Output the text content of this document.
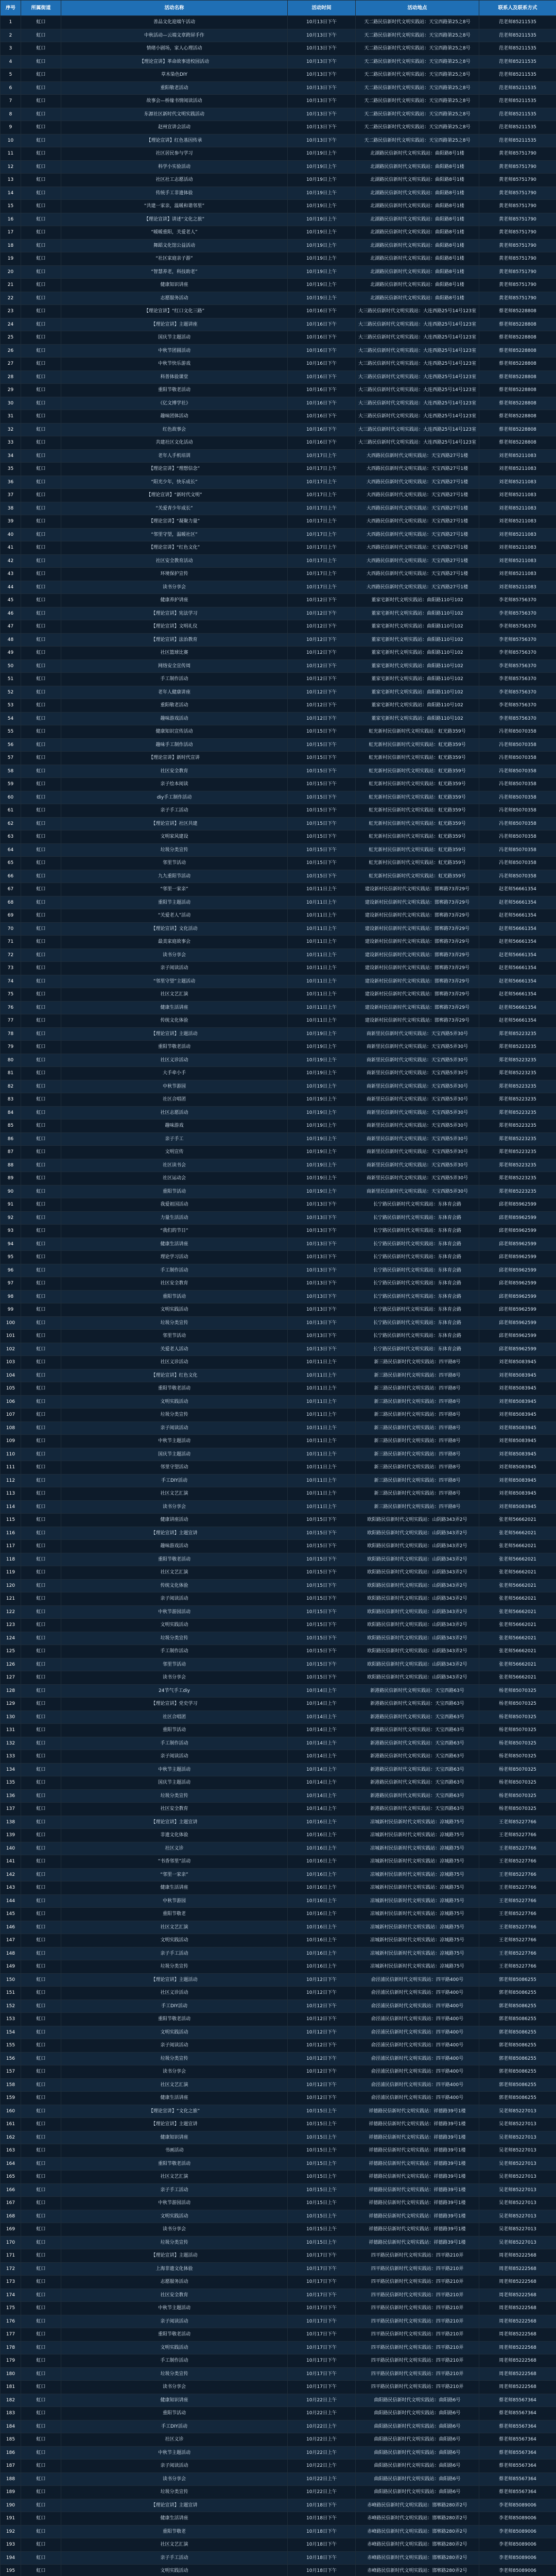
序号	所属街道	活动名称	活动时间	活动地点	联系人及联系方式
1	虹口	善品文化迎端午活动	10月13日下午	天二路民信新时代文明实践站：天宝西路第25之8号	范老师85211535
2	虹口	中秋活动—云端文章跨屏手作	10月13日下午	天二路民信新时代文明实践站：天宝西路第25之8号	范老师85211535
3	虹口	情绪小剧场，家人心理活动	10月13日下午	天二路民信新时代文明实践站：天宝西路第25之8号	范老师85211535
4	虹口	【理论宣讲】革命故事进校园活动	10月13日下午	天二路民信新时代文明实践站：天宝西路第25之8号	范老师85211535
5	虹口	草木染色DIY	10月13日下午	天二路民信新时代文明实践站：天宝西路第25之8号	范老师85211535
6	虹口	重阳敬老活动	10月13日下午	天二路民信新时代文明实践站：天宝西路第25之8号	范老师85211535
7	虹口	故事会—桥缘书情阅读活动	10月13日下午	天二路民信新时代文明实践站：天宝西路第25之8号	范老师85211535
8	虹口	东源社区新时代文明实践活动	10月13日下午	天二路民信新时代文明实践站：天宝西路第25之8号	范老师85211535
9	虹口	赵州宣讲会活动	10月13日下午	天二路民信新时代文明实践站：天宝西路第25之8号	范老师85211535
10	虹口	【理论宣讲】红色基因传承	10月13日下午	天二路民信新时代文明实践站：天宝西路第25之8号	范老师85211535
11	虹口	社区居民参与学习	10月19日上午	北湖路民信新时代文明实践站：曲阳路8号1楼	黄老师85751790
12	虹口	科学小实验活动	10月19日上午	北湖路民信新时代文明实践站：曲阳路8号1楼	黄老师85751790
13	虹口	社区社工志愿活动	10月19日上午	北湖路民信新时代文明实践站：曲阳路8号1楼	黄老师85751790
14	虹口	传统手工非遗体验	10月19日上午	北湖路民信新时代文明实践站：曲阳路8号1楼	黄老师85751790
15	虹口	“共建一家亲，温暖和谐邻里”	10月19日上午	北湖路民信新时代文明实践站：曲阳路8号1楼	黄老师85751790
16	虹口	【理论宣讲】讲述“文化之旅”	10月19日上午	北湖路民信新时代文明实践站：曲阳路8号1楼	黄老师85751790
17	虹口	“暖暖重阳，关爱老人”	10月19日上午	北湖路民信新时代文明实践站：曲阳路8号1楼	黄老师85751790
18	虹口	舞蹈文化馆公益活动	10月19日上午	北湖路民信新时代文明实践站：曲阳路8号1楼	黄老师85751790
19	虹口	“社区家庭亲子游”	10月19日上午	北湖路民信新时代文明实践站：曲阳路8号1楼	黄老师85751790
20	虹口	“智慧养老，科技助老”	10月19日上午	北湖路民信新时代文明实践站：曲阳路8号1楼	黄老师85751790
21	虹口	健康知识讲座	10月19日上午	北湖路民信新时代文明实践站：曲阳路8号1楼	黄老师85751790
22	虹口	志愿服务活动	10月19日上午	北湖路民信新时代文明实践站：曲阳路8号1楼	黄老师85751790
23	虹口	【理论宣讲】“红口文化三路”	10月16日下午	大三路民信新时代文明实践站：大连西路25号14号123室	蔡老师85228808
24	虹口	【理论宣讲】主题讲座	10月16日下午	大三路民信新时代文明实践站：大连西路25号14号123室	蔡老师85228808
25	虹口	国庆节主题活动	10月16日下午	大三路民信新时代文明实践站：大连西路25号14号123室	蔡老师85228808
26	虹口	中秋节团圆活动	10月16日下午	大三路民信新时代文明实践站：大连西路25号14号123室	蔡老师85228808
27	虹口	中秋节快乐游戏	10月16日下午	大三路民信新时代文明实践站：大连西路25号14号123室	蔡老师85228808
28	虹口	科普体验课堂	10月16日下午	大三路民信新时代文明实践站：大连西路25号14号123室	蔡老师85228808
29	虹口	重阳节敬老活动	10月16日下午	大三路民信新时代文明实践站：大连西路25号14号123室	蔡老师85228808
30	虹口	《亿文博学社》	10月16日下午	大三路民信新时代文明实践站：大连西路25号14号123室	蔡老师85228808
31	虹口	趣味团体活动	10月16日下午	大三路民信新时代文明实践站：大连西路25号14号123室	蔡老师85228808
32	虹口	红色故事会	10月16日下午	大三路民信新时代文明实践站：大连西路25号14号123室	蔡老师85228808
33	虹口	共建社区文化活动	10月16日下午	大三路民信新时代文明实践站：大连西路25号14号123室	蔡老师85228808
34	虹口	老年人手机培训	10月17日上午	大西路民信新时代文明实践站：天宝西路27号1楼	刘老师85211083
35	虹口	【理论宣讲】“理想信念”	10月17日上午	大西路民信新时代文明实践站：天宝西路27号1楼	刘老师85211083
36	虹口	“阳光少年，快乐成长”	10月17日上午	大西路民信新时代文明实践站：天宝西路27号1楼	刘老师85211083
37	虹口	【理论宣讲】“新时代文明”	10月17日上午	大西路民信新时代文明实践站：天宝西路27号1楼	刘老师85211083
38	虹口	“关爱青少年成长”	10月17日上午	大西路民信新时代文明实践站：天宝西路27号1楼	刘老师85211083
39	虹口	【理论宣讲】“凝聚力量”	10月17日上午	大西路民信新时代文明实践站：天宝西路27号1楼	刘老师85211083
40	虹口	“邻里守望，温暖社区”	10月17日上午	大西路民信新时代文明实践站：天宝西路27号1楼	刘老师85211083
41	虹口	【理论宣讲】“红色文化”	10月17日上午	大西路民信新时代文明实践站：天宝西路27号1楼	刘老师85211083
42	虹口	社区安全教育活动	10月17日上午	大西路民信新时代文明实践站：天宝西路27号1楼	刘老师85211083
43	虹口	环境保护宣传	10月17日上午	大西路民信新时代文明实践站：天宝西路27号1楼	刘老师85211083
44	虹口	读书分享会	10月17日上午	大西路民信新时代文明实践站：天宝西路27号1楼	刘老师85211083
45	虹口	健康养护讲座	10月12日下午	董家宅新时代文明实践站：曲阳路110号102	李老师85756370
46	虹口	【理论宣讲】宪法学习	10月12日下午	董家宅新时代文明实践站：曲阳路110号102	李老师85756370
47	虹口	【理论宣讲】文明礼仪	10月12日下午	董家宅新时代文明实践站：曲阳路110号102	李老师85756370
48	虹口	【理论宣讲】法治教育	10月12日下午	董家宅新时代文明实践站：曲阳路110号102	李老师85756370
49	虹口	社区篮球比赛	10月12日下午	董家宅新时代文明实践站：曲阳路110号102	李老师85756370
50	虹口	网络安全宣传周	10月12日下午	董家宅新时代文明实践站：曲阳路110号102	李老师85756370
51	虹口	手工制作活动	10月12日下午	董家宅新时代文明实践站：曲阳路110号102	李老师85756370
52	虹口	老年人健康讲座	10月12日下午	董家宅新时代文明实践站：曲阳路110号102	李老师85756370
53	虹口	重阳敬老活动	10月12日下午	董家宅新时代文明实践站：曲阳路110号102	李老师85756370
54	虹口	趣味游戏活动	10月12日下午	董家宅新时代文明实践站：曲阳路110号102	李老师85756370
55	虹口	健康知识宣传活动	10月15日下午	虹光新村民信新时代文明实践站：虹光路359号	冯老师85070358
56	虹口	趣味手工制作活动	10月15日下午	虹光新村民信新时代文明实践站：虹光路359号	冯老师85070358
57	虹口	【理论宣讲】新时代宣讲	10月15日下午	虹光新村民信新时代文明实践站：虹光路359号	冯老师85070358
58	虹口	社区安全教育	10月15日下午	虹光新村民信新时代文明实践站：虹光路359号	冯老师85070358
59	虹口	亲子绘本阅读	10月15日下午	虹光新村民信新时代文明实践站：虹光路359号	冯老师85070358
60	虹口	diy手工制作活动	10月15日下午	虹光新村民信新时代文明实践站：虹光路359号	冯老师85070358
61	虹口	亲子手工活动	10月15日下午	虹光新村民信新时代文明实践站：虹光路359号	冯老师85070358
62	虹口	【理论宣讲】社区共建	10月15日下午	虹光新村民信新时代文明实践站：虹光路359号	冯老师85070358
63	虹口	文明家风建设	10月15日下午	虹光新村民信新时代文明实践站：虹光路359号	冯老师85070358
64	虹口	垃圾分类宣传	10月15日下午	虹光新村民信新时代文明实践站：虹光路359号	冯老师85070358
65	虹口	邻里节活动	10月15日下午	虹光新村民信新时代文明实践站：虹光路359号	冯老师85070358
66	虹口	九九重阳节活动	10月15日下午	虹光新村民信新时代文明实践站：虹光路359号	冯老师85070358
67	虹口	“邻里一家亲”	10月11日上午	建设新村民信新时代文明实践站：邯郸路73弄29号	赵老师56661354
68	虹口	重阳节主题活动	10月11日上午	建设新村民信新时代文明实践站：邯郸路73弄29号	赵老师56661354
69	虹口	“关爱老人”活动	10月11日上午	建设新村民信新时代文明实践站：邯郸路73弄29号	赵老师56661354
70	虹口	【理论宣讲】文化活动	10月11日上午	建设新村民信新时代文明实践站：邯郸路73弄29号	赵老师56661354
71	虹口	最美家庭故事会	10月11日上午	建设新村民信新时代文明实践站：邯郸路73弄29号	赵老师56661354
72	虹口	读书分享会	10月11日上午	建设新村民信新时代文明实践站：邯郸路73弄29号	赵老师56661354
73	虹口	亲子阅读活动	10月11日上午	建设新村民信新时代文明实践站：邯郸路73弄29号	赵老师56661354
74	虹口	“邻里守望”主题活动	10月11日上午	建设新村民信新时代文明实践站：邯郸路73弄29号	赵老师56661354
75	虹口	社区文艺汇演	10月11日上午	建设新村民信新时代文明实践站：邯郸路73弄29号	赵老师56661354
76	虹口	健康生活讲座	10月11日上午	建设新村民信新时代文明实践站：邯郸路73弄29号	赵老师56661354
77	虹口	传统文化体验	10月11日上午	建设新村民信新时代文明实践站：邯郸路73弄29号	赵老师56661354
78	虹口	【理论宣讲】主题活动	10月19日上午	商新里民信新时代文明实践站：天宝西路5弄30号	郑老师85223235
79	虹口	重阳节敬老活动	10月19日上午	商新里民信新时代文明实践站：天宝西路5弄30号	郑老师85223235
80	虹口	社区义诊活动	10月19日上午	商新里民信新时代文明实践站：天宝西路5弄30号	郑老师85223235
81	虹口	大手牵小手	10月19日上午	商新里民信新时代文明实践站：天宝西路5弄30号	郑老师85223235
82	虹口	中秋节游园	10月19日上午	商新里民信新时代文明实践站：天宝西路5弄30号	郑老师85223235
83	虹口	社区合唱团	10月19日上午	商新里民信新时代文明实践站：天宝西路5弄30号	郑老师85223235
84	虹口	社区志愿活动	10月19日上午	商新里民信新时代文明实践站：天宝西路5弄30号	郑老师85223235
85	虹口	趣味游戏	10月19日上午	商新里民信新时代文明实践站：天宝西路5弄30号	郑老师85223235
86	虹口	亲子手工	10月19日上午	商新里民信新时代文明实践站：天宝西路5弄30号	郑老师85223235
87	虹口	文明宣传	10月19日上午	商新里民信新时代文明实践站：天宝西路5弄30号	郑老师85223235
88	虹口	社区读书会	10月19日上午	商新里民信新时代文明实践站：天宝西路5弄30号	郑老师85223235
89	虹口	社区运动会	10月19日上午	商新里民信新时代文明实践站：天宝西路5弄30号	郑老师85223235
90	虹口	重阳节活动	10月19日上午	商新里民信新时代文明实践站：天宝西路5弄30号	郑老师85223235
91	虹口	我爱祖国活动	10月13日下午	长宁路民信新时代文明实践站：东体育会路	邱老师85962599
92	虹口	力量生活活动	10月13日下午	长宁路民信新时代文明实践站：东体育会路	邱老师85962599
93	虹口	“我们的节日”	10月13日下午	长宁路民信新时代文明实践站：东体育会路	邱老师85962599
94	虹口	健康生活讲座	10月13日下午	长宁路民信新时代文明实践站：东体育会路	邱老师85962599
95	虹口	理论学习活动	10月13日下午	长宁路民信新时代文明实践站：东体育会路	邱老师85962599
96	虹口	手工制作活动	10月13日下午	长宁路民信新时代文明实践站：东体育会路	邱老师85962599
97	虹口	社区安全教育	10月13日下午	长宁路民信新时代文明实践站：东体育会路	邱老师85962599
98	虹口	重阳节活动	10月13日下午	长宁路民信新时代文明实践站：东体育会路	邱老师85962599
99	虹口	文明实践活动	10月13日下午	长宁路民信新时代文明实践站：东体育会路	邱老师85962599
100	虹口	垃圾分类宣传	10月13日下午	长宁路民信新时代文明实践站：东体育会路	邱老师85962599
101	虹口	邻里节活动	10月13日下午	长宁路民信新时代文明实践站：东体育会路	邱老师85962599
102	虹口	关爱老人活动	10月13日下午	长宁路民信新时代文明实践站：东体育会路	邱老师85962599
103	虹口	社区义诊活动	10月11日上午	新三路民信新时代文明实践站：四平路8号	刘老师85083945
104	虹口	【理论宣讲】红色文化	10月11日上午	新三路民信新时代文明实践站：四平路8号	刘老师85083945
105	虹口	重阳节敬老活动	10月11日上午	新三路民信新时代文明实践站：四平路8号	刘老师85083945
106	虹口	文明实践活动	10月11日上午	新三路民信新时代文明实践站：四平路8号	刘老师85083945
107	虹口	垃圾分类宣传	10月11日上午	新三路民信新时代文明实践站：四平路8号	刘老师85083945
108	虹口	亲子阅读活动	10月11日上午	新三路民信新时代文明实践站：四平路8号	刘老师85083945
109	虹口	中秋节主题活动	10月11日上午	新三路民信新时代文明实践站：四平路8号	刘老师85083945
110	虹口	国庆节主题活动	10月11日上午	新三路民信新时代文明实践站：四平路8号	刘老师85083945
111	虹口	邻里守望活动	10月11日上午	新三路民信新时代文明实践站：四平路8号	刘老师85083945
112	虹口	手工DIY活动	10月11日上午	新三路民信新时代文明实践站：四平路8号	刘老师85083945
113	虹口	社区文艺汇演	10月11日上午	新三路民信新时代文明实践站：四平路8号	刘老师85083945
114	虹口	读书分享会	10月11日上午	新三路民信新时代文明实践站：四平路8号	刘老师85083945
115	虹口	健康讲座活动	10月15日下午	欧阳路民信新时代文明实践站：山阴路343弄2号	张老师56662021
116	虹口	【理论宣讲】主题宣讲	10月15日下午	欧阳路民信新时代文明实践站：山阴路343弄2号	张老师56662021
117	虹口	趣味游戏活动	10月15日下午	欧阳路民信新时代文明实践站：山阴路343弄2号	张老师56662021
118	虹口	重阳节敬老活动	10月15日下午	欧阳路民信新时代文明实践站：山阴路343弄2号	张老师56662021
119	虹口	社区文艺汇演	10月15日下午	欧阳路民信新时代文明实践站：山阴路343弄2号	张老师56662021
120	虹口	传统文化体验	10月15日下午	欧阳路民信新时代文明实践站：山阴路343弄2号	张老师56662021
121	虹口	亲子阅读活动	10月15日下午	欧阳路民信新时代文明实践站：山阴路343弄2号	张老师56662021
122	虹口	中秋节游园活动	10月15日下午	欧阳路民信新时代文明实践站：山阴路343弄2号	张老师56662021
123	虹口	文明实践活动	10月15日下午	欧阳路民信新时代文明实践站：山阴路343弄2号	张老师56662021
124	虹口	垃圾分类宣传	10月15日下午	欧阳路民信新时代文明实践站：山阴路343弄2号	张老师56662021
125	虹口	手工制作活动	10月15日下午	欧阳路民信新时代文明实践站：山阴路343弄2号	张老师56662021
126	虹口	邻里节活动	10月15日下午	欧阳路民信新时代文明实践站：山阴路343弄2号	张老师56662021
127	虹口	读书分享会	10月15日下午	欧阳路民信新时代文明实践站：山阴路343弄2号	张老师56662021
128	虹口	24节气手工diy	10月14日上午	新港路民信新时代文明实践站：天宝西路63号	杨老师85070325
129	虹口	【理论宣讲】党史学习	10月14日上午	新港路民信新时代文明实践站：天宝西路63号	杨老师85070325
130	虹口	社区合唱团	10月14日上午	新港路民信新时代文明实践站：天宝西路63号	杨老师85070325
131	虹口	重阳节活动	10月14日上午	新港路民信新时代文明实践站：天宝西路63号	杨老师85070325
132	虹口	手工制作活动	10月14日上午	新港路民信新时代文明实践站：天宝西路63号	杨老师85070325
133	虹口	亲子阅读活动	10月14日上午	新港路民信新时代文明实践站：天宝西路63号	杨老师85070325
134	虹口	中秋节主题活动	10月14日上午	新港路民信新时代文明实践站：天宝西路63号	杨老师85070325
135	虹口	国庆节主题活动	10月14日上午	新港路民信新时代文明实践站：天宝西路63号	杨老师85070325
136	虹口	垃圾分类宣传	10月14日上午	新港路民信新时代文明实践站：天宝西路63号	杨老师85070325
137	虹口	社区安全教育	10月14日上午	新港路民信新时代文明实践站：天宝西路63号	杨老师85070325
138	虹口	【理论宣讲】主题宣讲	10月16日上午	凉城新村民信新时代文明实践站：凉城路75号	王老师85227766
139	虹口	非遗文化体验	10月16日上午	凉城新村民信新时代文明实践站：凉城路75号	王老师85227766
140	虹口	社区义诊	10月16日上午	凉城新村民信新时代文明实践站：凉城路75号	王老师85227766
141	虹口	“书香邻里”活动	10月16日上午	凉城新村民信新时代文明实践站：凉城路75号	王老师85227766
142	虹口	“邻里一家亲”	10月16日上午	凉城新村民信新时代文明实践站：凉城路75号	王老师85227766
143	虹口	健康生活讲座	10月16日上午	凉城新村民信新时代文明实践站：凉城路75号	王老师85227766
144	虹口	中秋节游园	10月16日上午	凉城新村民信新时代文明实践站：凉城路75号	王老师85227766
145	虹口	重阳节敬老	10月16日上午	凉城新村民信新时代文明实践站：凉城路75号	王老师85227766
146	虹口	社区文艺汇演	10月16日上午	凉城新村民信新时代文明实践站：凉城路75号	王老师85227766
147	虹口	文明实践活动	10月16日上午	凉城新村民信新时代文明实践站：凉城路75号	王老师85227766
148	虹口	亲子手工活动	10月16日上午	凉城新村民信新时代文明实践站：凉城路75号	王老师85227766
149	虹口	垃圾分类宣传	10月16日上午	凉城新村民信新时代文明实践站：凉城路75号	王老师85227766
150	虹口	【理论宣讲】主题活动	10月12日下午	俞泾浦民信新时代文明实践站：四平路400号	郭老师85086255
151	虹口	社区义诊活动	10月12日下午	俞泾浦民信新时代文明实践站：四平路400号	郭老师85086255
152	虹口	手工DIY活动	10月12日下午	俞泾浦民信新时代文明实践站：四平路400号	郭老师85086255
153	虹口	重阳节敬老活动	10月12日下午	俞泾浦民信新时代文明实践站：四平路400号	郭老师85086255
154	虹口	文明实践活动	10月12日下午	俞泾浦民信新时代文明实践站：四平路400号	郭老师85086255
155	虹口	亲子阅读活动	10月12日下午	俞泾浦民信新时代文明实践站：四平路400号	郭老师85086255
156	虹口	垃圾分类宣传	10月12日下午	俞泾浦民信新时代文明实践站：四平路400号	郭老师85086255
157	虹口	读书分享会	10月12日下午	俞泾浦民信新时代文明实践站：四平路400号	郭老师85086255
158	虹口	社区文艺汇演	10月12日下午	俞泾浦民信新时代文明实践站：四平路400号	郭老师85086255
159	虹口	健康生活讲座	10月12日下午	俞泾浦民信新时代文明实践站：四平路400号	郭老师85086255
160	虹口	【理论宣讲】“文化之旅”	10月15日上午	祥德路民信新时代文明实践站：祥德路39号1楼	吴老师85227013
161	虹口	【理论宣讲】主题宣讲	10月15日上午	祥德路民信新时代文明实践站：祥德路39号1楼	吴老师85227013
162	虹口	健康知识讲座	10月15日上午	祥德路民信新时代文明实践站：祥德路39号1楼	吴老师85227013
163	虹口	书画活动	10月15日上午	祥德路民信新时代文明实践站：祥德路39号1楼	吴老师85227013
164	虹口	重阳节敬老活动	10月15日上午	祥德路民信新时代文明实践站：祥德路39号1楼	吴老师85227013
165	虹口	社区文艺汇演	10月15日上午	祥德路民信新时代文明实践站：祥德路39号1楼	吴老师85227013
166	虹口	亲子手工活动	10月15日上午	祥德路民信新时代文明实践站：祥德路39号1楼	吴老师85227013
167	虹口	中秋节游园活动	10月15日上午	祥德路民信新时代文明实践站：祥德路39号1楼	吴老师85227013
168	虹口	文明实践活动	10月15日上午	祥德路民信新时代文明实践站：祥德路39号1楼	吴老师85227013
169	虹口	读书分享会	10月15日上午	祥德路民信新时代文明实践站：祥德路39号1楼	吴老师85227013
170	虹口	垃圾分类宣传	10月15日上午	祥德路民信新时代文明实践站：祥德路39号1楼	吴老师85227013
171	虹口	【理论宣讲】主题活动	10月17日下午	四平路民信新时代文明实践站：四平路210弄	周老师85222568
172	虹口	上海非遗文化体验	10月17日下午	四平路民信新时代文明实践站：四平路210弄	周老师85222568
173	虹口	志愿服务活动	10月17日下午	四平路民信新时代文明实践站：四平路210弄	周老师85222568
174	虹口	社区安全教育	10月17日下午	四平路民信新时代文明实践站：四平路210弄	周老师85222568
175	虹口	中秋节主题活动	10月17日下午	四平路民信新时代文明实践站：四平路210弄	周老师85222568
176	虹口	亲子阅读活动	10月17日下午	四平路民信新时代文明实践站：四平路210弄	周老师85222568
177	虹口	重阳节敬老活动	10月17日下午	四平路民信新时代文明实践站：四平路210弄	周老师85222568
178	虹口	文明实践活动	10月17日下午	四平路民信新时代文明实践站：四平路210弄	周老师85222568
179	虹口	手工制作活动	10月17日下午	四平路民信新时代文明实践站：四平路210弄	周老师85222568
180	虹口	垃圾分类宣传	10月17日下午	四平路民信新时代文明实践站：四平路210弄	周老师85222568
181	虹口	读书分享会	10月17日下午	四平路民信新时代文明实践站：四平路210弄	周老师85222568
182	虹口	健康知识讲座	10月22日上午	曲阳路民信新时代文明实践站：曲阳路6号	蔡老师85567364
183	虹口	重阳节活动	10月22日上午	曲阳路民信新时代文明实践站：曲阳路6号	蔡老师85567364
184	虹口	手工DIY活动	10月22日上午	曲阳路民信新时代文明实践站：曲阳路6号	蔡老师85567364
185	虹口	社区义诊	10月22日上午	曲阳路民信新时代文明实践站：曲阳路6号	蔡老师85567364
186	虹口	中秋节主题活动	10月22日上午	曲阳路民信新时代文明实践站：曲阳路6号	蔡老师85567364
187	虹口	亲子阅读活动	10月22日上午	曲阳路民信新时代文明实践站：曲阳路6号	蔡老师85567364
188	虹口	读书分享会	10月22日上午	曲阳路民信新时代文明实践站：曲阳路6号	蔡老师85567364
189	虹口	垃圾分类宣传	10月22日上午	曲阳路民信新时代文明实践站：曲阳路6号	蔡老师85567364
190	虹口	【理论宣讲】主题宣讲	10月18日下午	赤峰路民信新时代文明实践站：邯郸路280弄2号	李老师85089006
191	虹口	健康生活讲座	10月18日下午	赤峰路民信新时代文明实践站：邯郸路280弄2号	李老师85089006
192	虹口	重阳节敬老	10月18日下午	赤峰路民信新时代文明实践站：邯郸路280弄2号	李老师85089006
193	虹口	社区文艺汇演	10月18日下午	赤峰路民信新时代文明实践站：邯郸路280弄2号	李老师85089006
194	虹口	亲子手工活动	10月18日下午	赤峰路民信新时代文明实践站：邯郸路280弄2号	李老师85089006
195	虹口	文明实践活动	10月18日下午	赤峰路民信新时代文明实践站：邯郸路280弄2号	李老师85089006
